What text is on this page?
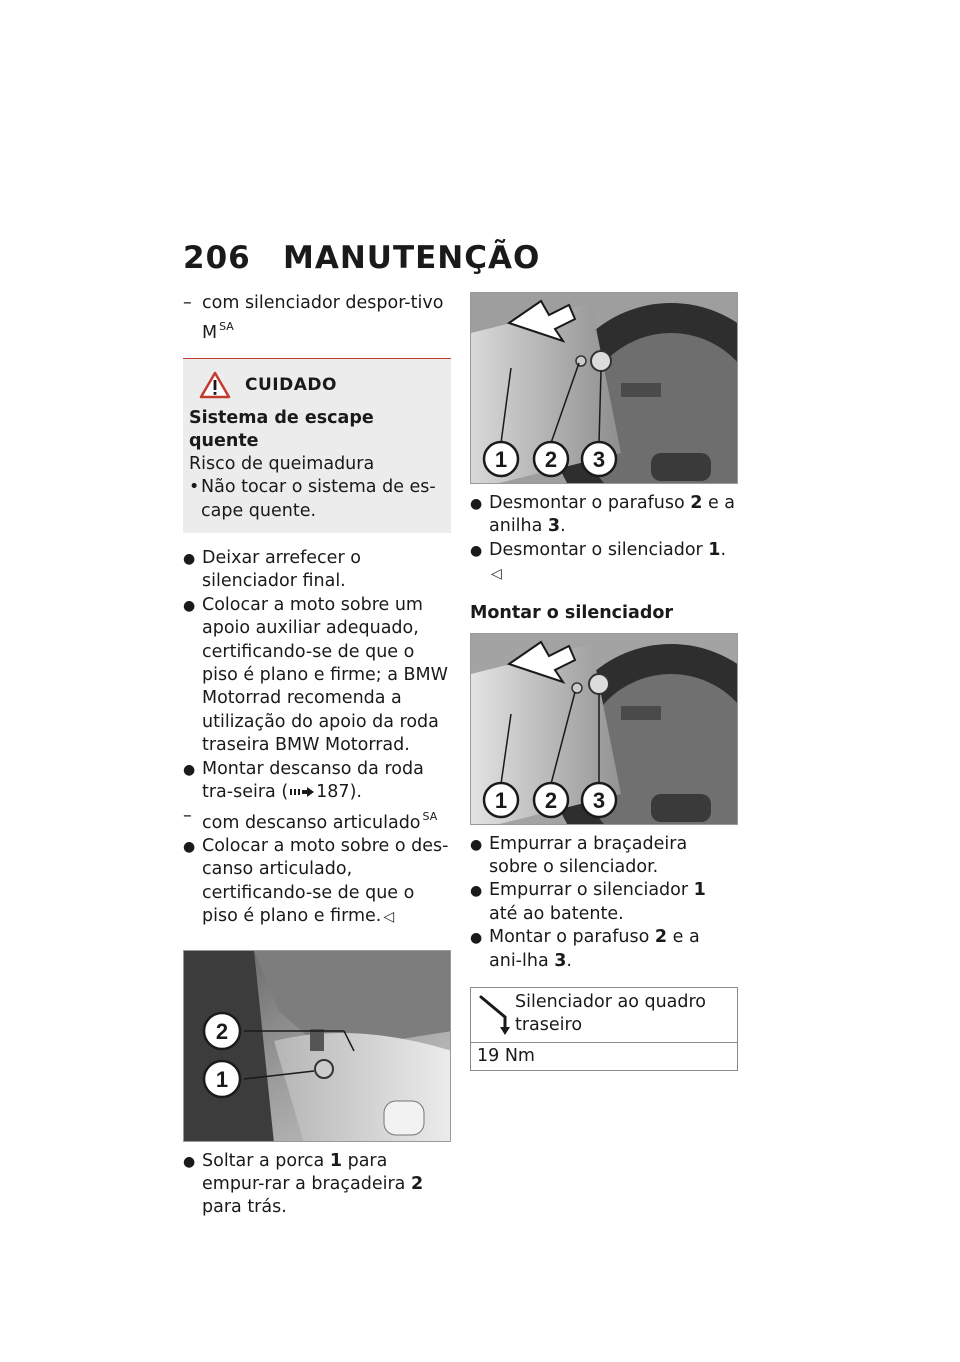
206	MANUTENÇÃO
– com silenciador despor-tivo M $^{SA}$
CUIDADO
Sistema de escape quente
Risco de queimadura
• Não tocar o sistema de es-cape quente.
● Deixar arrefecer o silenciador final.
● Colocar a moto sobre um apoio auxiliar adequado, certificando-se de que o piso é plano e firme; a BMW Motorrad recomenda a utilização do apoio da roda traseira BMW Motorrad.
● Montar descanso da roda tra-seira ( 187).
– com descanso articulado $^{SA}$
● Colocar a moto sobre o des-canso articulado, certificando-se de que o piso é plano e firme. ◁
2
1
● Soltar a porca 1 para empur-rar a braçadeira 2 para trás.
1 2 3
● Desmontar o parafuso 2 e a anilha 3.
● Desmontar o silenciador 1.◁
Montar o silenciador
1 2 3
● Empurrar a braçadeira sobre o silenciador.
● Empurrar o silenciador 1 até ao batente.
● Montar o parafuso 2 e a ani-lha 3.
Silenciador ao quadro traseiro
19 Nm
